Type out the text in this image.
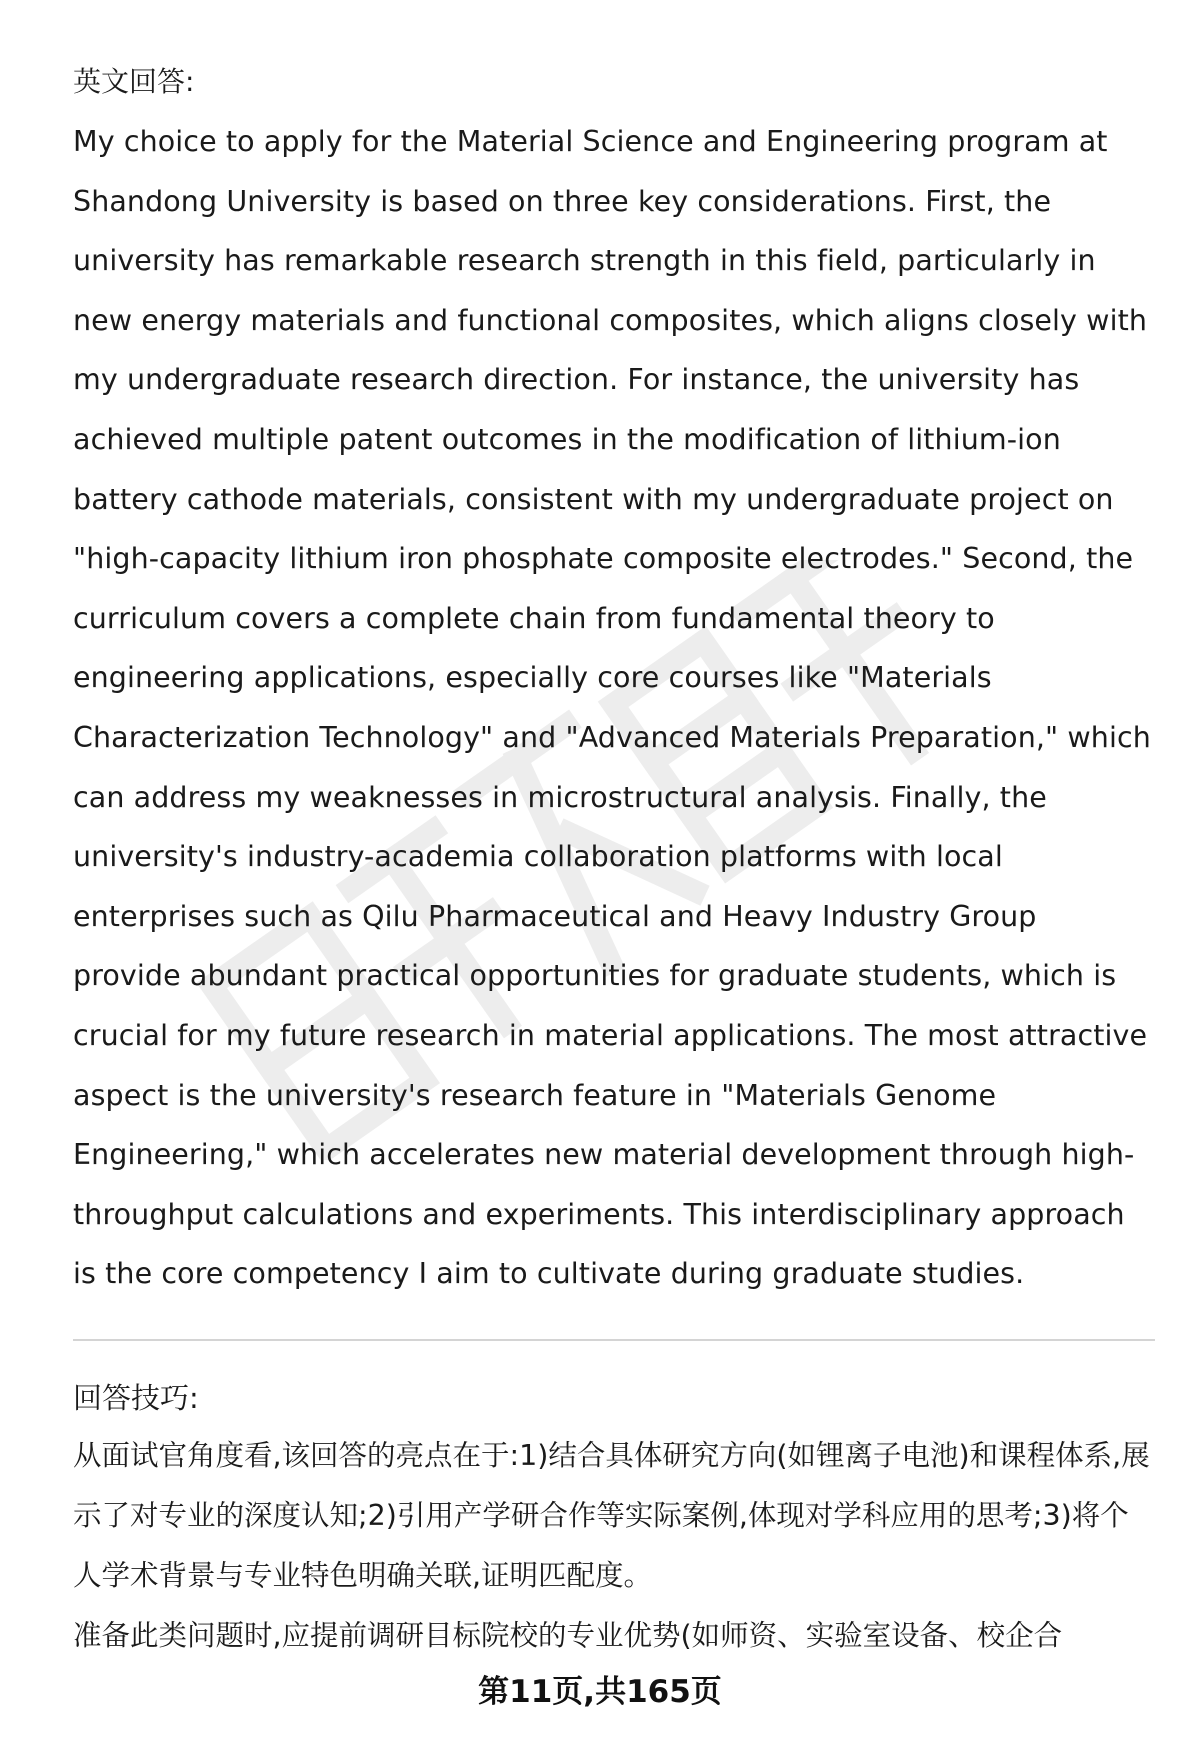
英文回答:

My choice to apply for the Material Science and Engineering program at Shandong University is based on three key considerations. First, the university has remarkable research strength in this field, particularly in new energy materials and functional composites, which aligns closely with my undergraduate research direction. For instance, the university has achieved multiple patent outcomes in the modification of lithium-ion battery cathode materials, consistent with my undergraduate project on "high-capacity lithium iron phosphate composite electrodes." Second, the curriculum covers a complete chain from fundamental theory to engineering applications, especially core courses like "Materials Characterization Technology" and "Advanced Materials Preparation," which can address my weaknesses in microstructural analysis. Finally, the university's industry-academia collaboration platforms with local enterprises such as Qilu Pharmaceutical and Heavy Industry Group provide abundant practical opportunities for graduate students, which is crucial for my future research in material applications. The most attractive aspect is the university's research feature in "Materials Genome Engineering," which accelerates new material development through high-throughput calculations and experiments. This interdisciplinary approach is the core competency I aim to cultivate during graduate studies.

回答技巧:

从面试官角度看,该回答的亮点在于:1)结合具体研究方向(如锂离子电池)和课程体系,展示了对专业的深度认知;2)引用产学研合作等实际案例,体现对学科应用的思考;3)将个人学术背景与专业特色明确关联,证明匹配度。

准备此类问题时,应提前调研目标院校的专业优势(如师资、实验室设备、校企合

第11页,共165页
